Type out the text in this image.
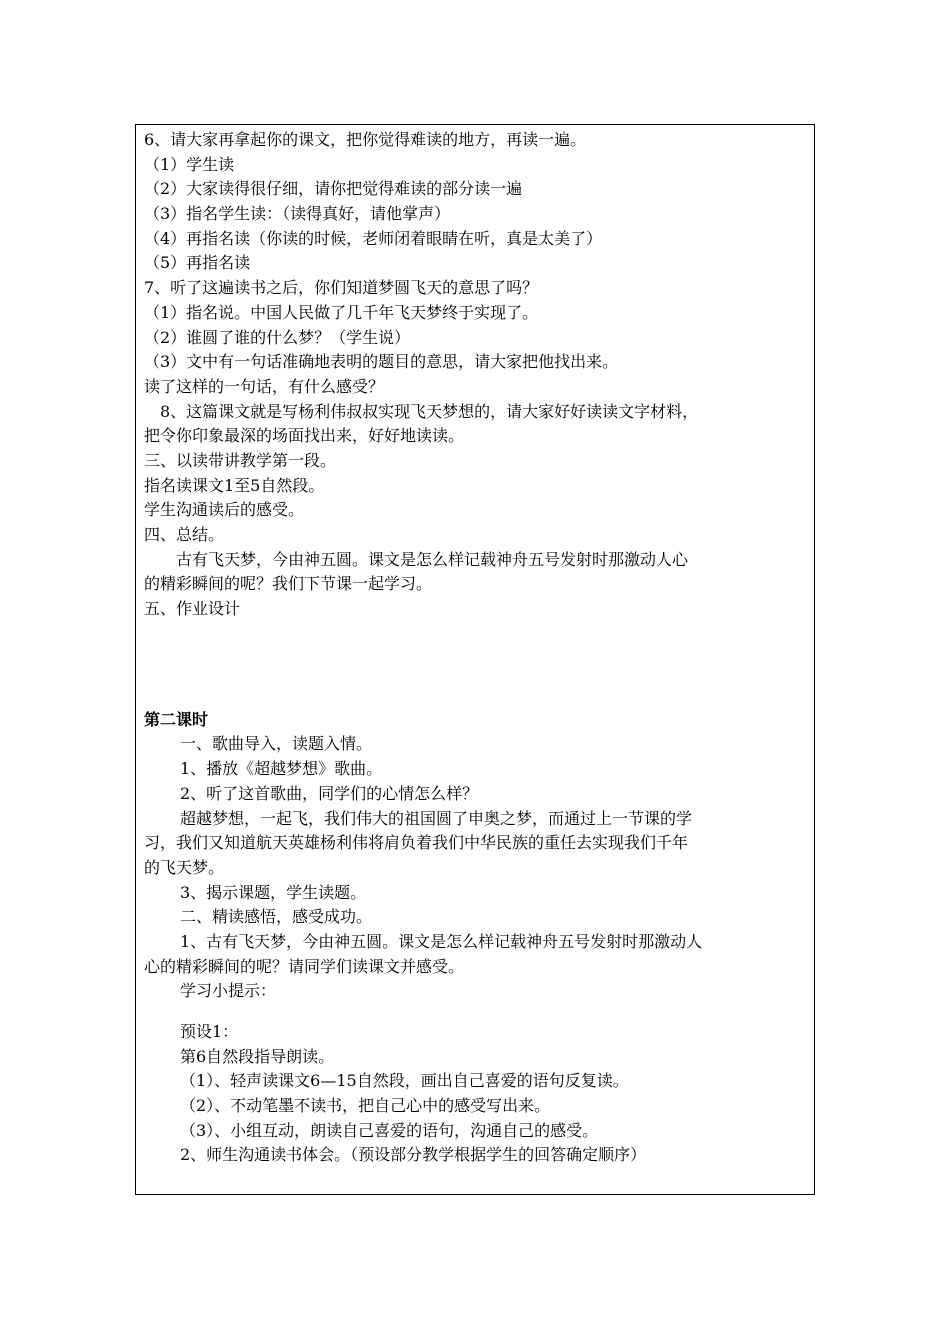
6、请大家再拿起你的课文，把你觉得难读的地方，再读一遍。
（1）学生读
（2）大家读得很仔细，请你把觉得难读的部分读一遍
（3）指名学生读：（读得真好，请他掌声）
（4）再指名读（你读的时候，老师闭着眼睛在听，真是太美了）
（5）再指名读
7、听了这遍读书之后，你们知道梦圆飞天的意思了吗？
（1）指名说。中国人民做了几千年飞天梦终于实现了。
（2）谁圆了谁的什么梦？（学生说）
（3）文中有一句话准确地表明的题目的意思，请大家把他找出来。
读了这样的一句话，有什么感受？
　8、这篇课文就是写杨利伟叔叔实现飞天梦想的，请大家好好读读文字材料，
把令你印象最深的场面找出来，好好地读读。
三、以读带讲教学第一段。
指名读课文1至5自然段。
学生沟通读后的感受。
四、总结。
　　古有飞天梦，今由神五圆。课文是怎么样记载神舟五号发射时那激动人心
的精彩瞬间的呢？我们下节课一起学习。
五、作业设计
第二课时
一、歌曲导入，读题入情。
1、播放《超越梦想》歌曲。
2、听了这首歌曲，同学们的心情怎么样？
超越梦想，一起飞，我们伟大的祖国圆了申奥之梦，而通过上一节课的学
习，我们又知道航天英雄杨利伟将肩负着我们中华民族的重任去实现我们千年
的飞天梦。
3、揭示课题，学生读题。
二、精读感悟，感受成功。
1、古有飞天梦，今由神五圆。课文是怎么样记载神舟五号发射时那激动人
心的精彩瞬间的呢？请同学们读课文并感受。
学习小提示：
预设1：
第6自然段指导朗读。
（1）、轻声读课文6—15自然段，画出自己喜爱的语句反复读。
（2）、不动笔墨不读书，把自己心中的感受写出来。
（3）、小组互动，朗读自己喜爱的语句，沟通自己的感受。
2、师生沟通读书体会。（预设部分教学根据学生的回答确定顺序）
